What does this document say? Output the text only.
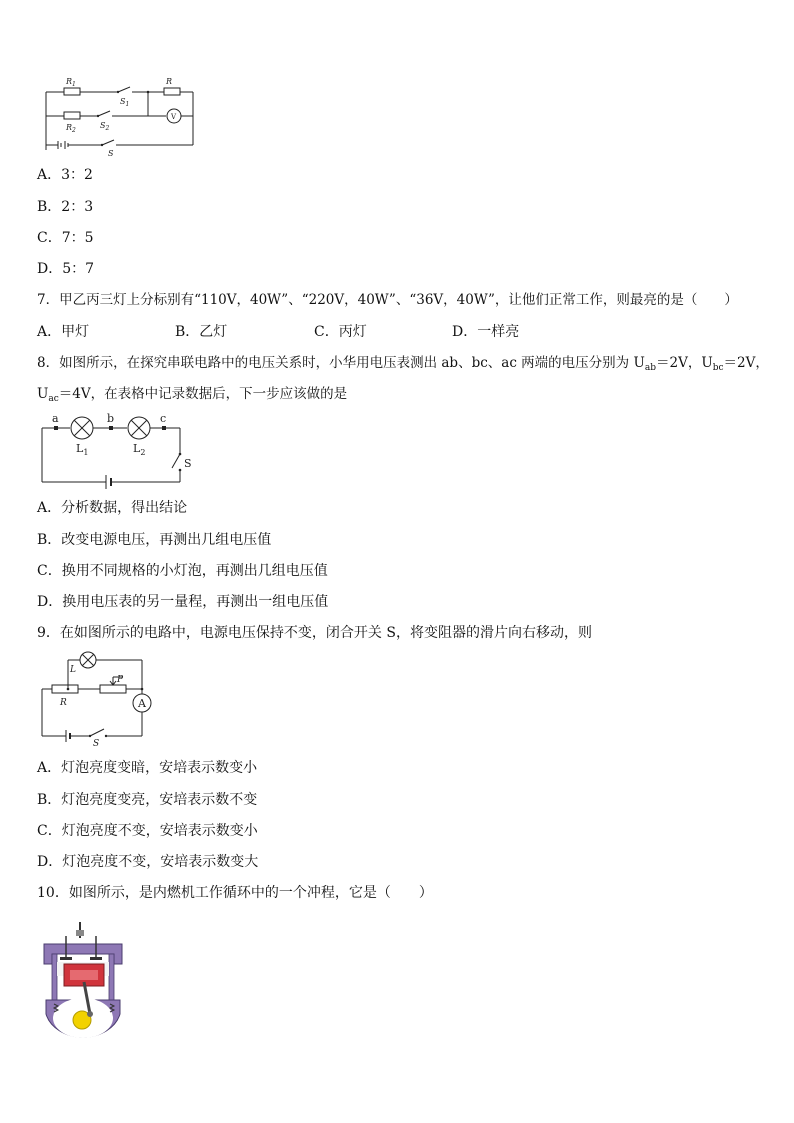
$R_1$	R
$S_1$
$R_2$
$S_2$
S
V
A．3：2
B．2：3
C．7：5
D．5：7
7．甲乙丙三灯上分标别有“110V，40W”、“220V，40W”、“36V，40W”，让他们正常工作，则最亮的是（　　）
A．甲灯	B．乙灯	C．丙灯	D．一样亮
8．如图所示，在探究串联电路中的电压关系时，小华用电压表测出 ab、bc、ac 两端的电压分别为 $U_{ab}=2V$，$U_{bc}=2V$，
$U_{ac}=4V$，在表格中记录数据后，下一步应该做的是
a	b	c
$L_1$	$L_2$
S
A．分析数据，得出结论
B．改变电源电压，再测出几组电压值
C．换用不同规格的小灯泡，再测出几组电压值
D．换用电压表的另一量程，再测出一组电压值
9．在如图所示的电路中，电源电压保持不变，闭合开关 S，将变阻器的滑片向右移动，则
L
R
P
A
S
A．灯泡亮度变暗，安培表示数变小
B．灯泡亮度变亮，安培表示数不变
C．灯泡亮度不变，安培表示数变小
D．灯泡亮度不变，安培表示数变大
10．如图所示，是内燃机工作循环中的一个冲程，它是（　　）
